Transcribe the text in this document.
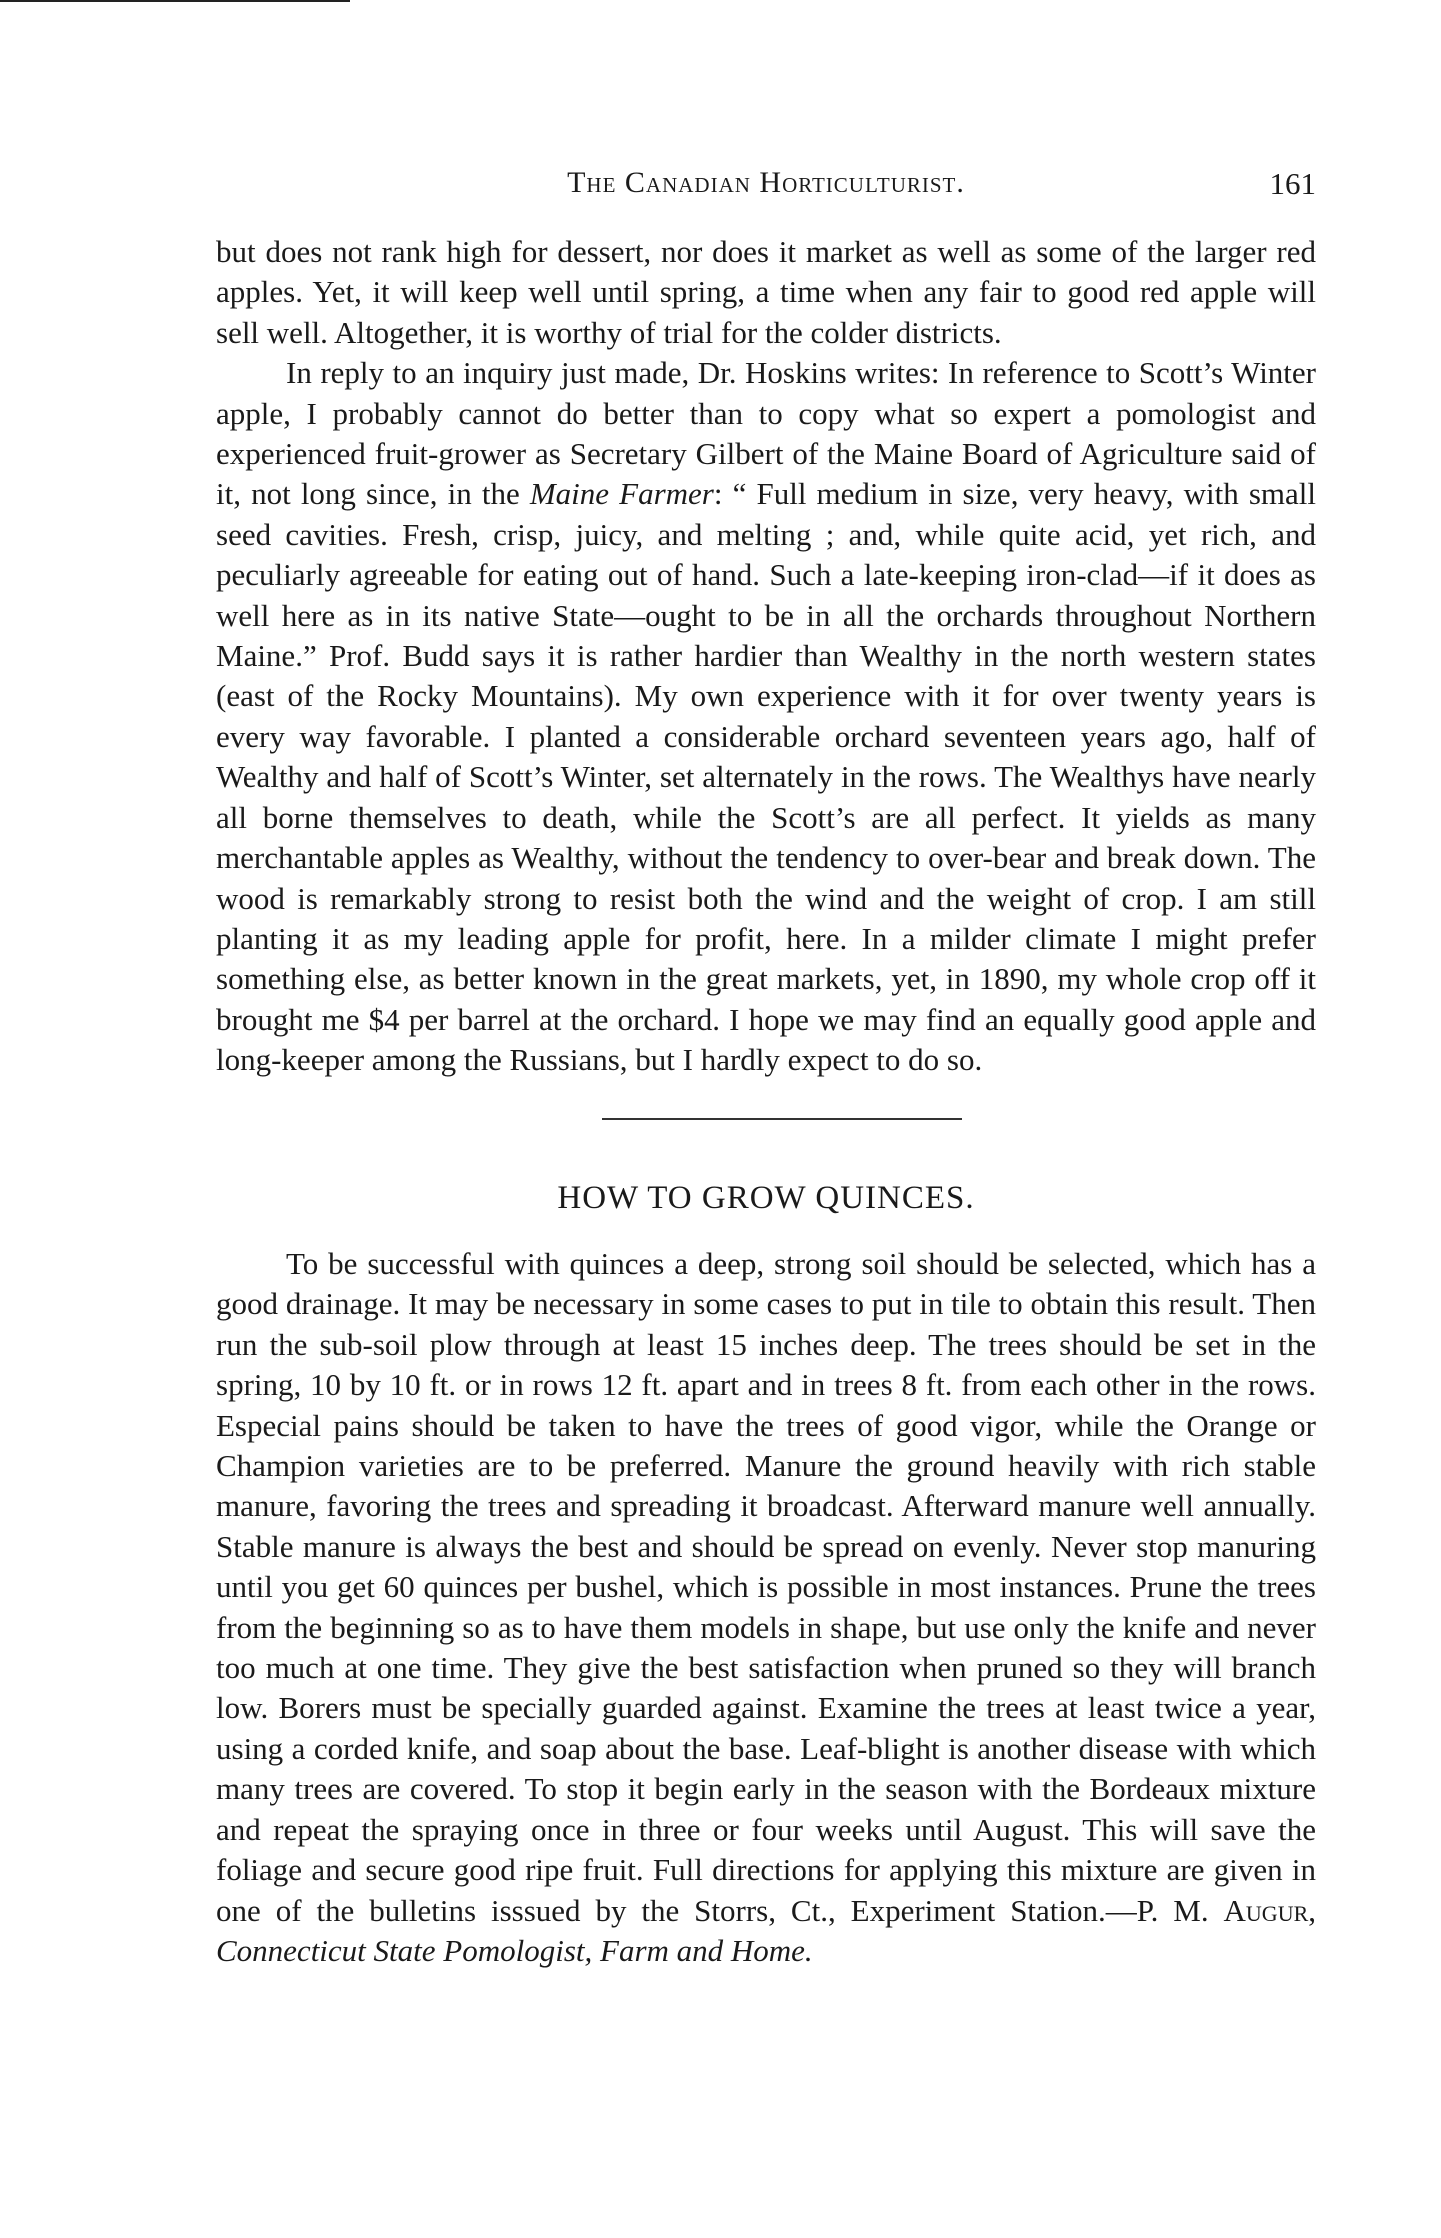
The Canadian Horticulturist.	161

but does not rank high for dessert, nor does it market as well as some of the larger red apples. Yet, it will keep well until spring, a time when any fair to good red apple will sell well. Altogether, it is worthy of trial for the colder districts.

In reply to an inquiry just made, Dr. Hoskins writes: In reference to Scott’s Winter apple, I probably cannot do better than to copy what so expert a pomologist and experienced fruit-grower as Secretary Gilbert of the Maine Board of Agriculture said of it, not long since, in the Maine Farmer: “ Full medium in size, very heavy, with small seed cavities. Fresh, crisp, juicy, and melting ; and, while quite acid, yet rich, and peculiarly agreeable for eating out of hand. Such a late-keeping iron-clad—if it does as well here as in its native State—ought to be in all the orchards throughout Northern Maine.” Prof. Budd says it is rather hardier than Wealthy in the north western states (east of the Rocky Mountains). My own experience with it for over twenty years is every way favorable. I planted a considerable orchard seventeen years ago, half of Wealthy and half of Scott’s Winter, set alternately in the rows. The Wealthys have nearly all borne themselves to death, while the Scott’s are all perfect. It yields as many merchantable apples as Wealthy, without the tendency to over-bear and break down. The wood is remarkably strong to resist both the wind and the weight of crop. I am still planting it as my leading apple for profit, here. In a milder climate I might prefer something else, as better known in the great markets, yet, in 1890, my whole crop off it brought me $4 per barrel at the orchard. I hope we may find an equally good apple and long-keeper among the Russians, but I hardly expect to do so.

HOW TO GROW QUINCES.

To be successful with quinces a deep, strong soil should be selected, which has a good drainage. It may be necessary in some cases to put in tile to obtain this result. Then run the sub-soil plow through at least 15 inches deep. The trees should be set in the spring, 10 by 10 ft. or in rows 12 ft. apart and in trees 8 ft. from each other in the rows. Especial pains should be taken to have the trees of good vigor, while the Orange or Champion varieties are to be preferred. Manure the ground heavily with rich stable manure, favoring the trees and spreading it broadcast. Afterward manure well annually. Stable manure is always the best and should be spread on evenly. Never stop manuring until you get 60 quinces per bushel, which is possible in most instances. Prune the trees from the beginning so as to have them models in shape, but use only the knife and never too much at one time. They give the best satisfaction when pruned so they will branch low. Borers must be specially guarded against. Examine the trees at least twice a year, using a corded knife, and soap about the base. Leaf-blight is another disease with which many trees are covered. To stop it begin early in the season with the Bordeaux mixture and repeat the spraying once in three or four weeks until August. This will save the foliage and secure good ripe fruit. Full directions for applying this mixture are given in one of the bulletins isssued by the Storrs, Ct., Experiment Station.—P. M. Augur, Connecticut State Pomologist, Farm and Home.
